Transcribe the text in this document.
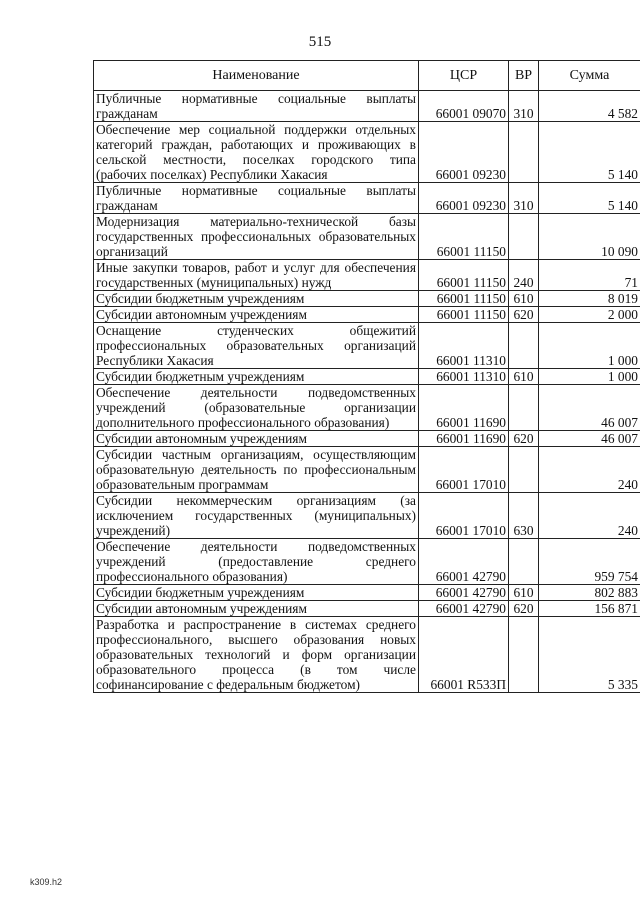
515
Наименование	ЦСР	ВР	Сумма
Публичные нормативные социальные выплаты гражданам	66001 09070	310	4 582
Обеспечение мер социальной поддержки отдельных категорий граждан, работающих и проживающих в сельской местности, поселках городского типа (рабочих поселках) Республики Хакасия	66001 09230		5 140
Публичные нормативные социальные выплаты гражданам	66001 09230	310	5 140
Модернизация материально-технической базы государственных профессиональных образовательных организаций	66001 11150		10 090
Иные закупки товаров, работ и услуг для обеспечения государственных (муниципальных) нужд	66001 11150	240	71
Субсидии бюджетным учреждениям	66001 11150	610	8 019
Субсидии автономным учреждениям	66001 11150	620	2 000
Оснащение студенческих общежитий профессиональных образовательных организаций Республики Хакасия	66001 11310		1 000
Субсидии бюджетным учреждениям	66001 11310	610	1 000
Обеспечение деятельности подведомственных учреждений (образовательные организации дополнительного профессионального образования)	66001 11690		46 007
Субсидии автономным учреждениям	66001 11690	620	46 007
Субсидии частным организациям, осуществляющим образовательную деятельность по профессиональным образовательным программам	66001 17010		240
Субсидии некоммерческим организациям (за исключением государственных (муниципальных) учреждений)	66001 17010	630	240
Обеспечение деятельности подведомственных учреждений (предоставление среднего профессионального образования)	66001 42790		959 754
Субсидии бюджетным учреждениям	66001 42790	610	802 883
Субсидии автономным учреждениям	66001 42790	620	156 871
Разработка и распространение в системах среднего профессионального, высшего образования новых образовательных технологий и форм организации образовательного процесса (в том числе софинансирование с федеральным бюджетом)	66001 R533П		5 335
k309.h2
